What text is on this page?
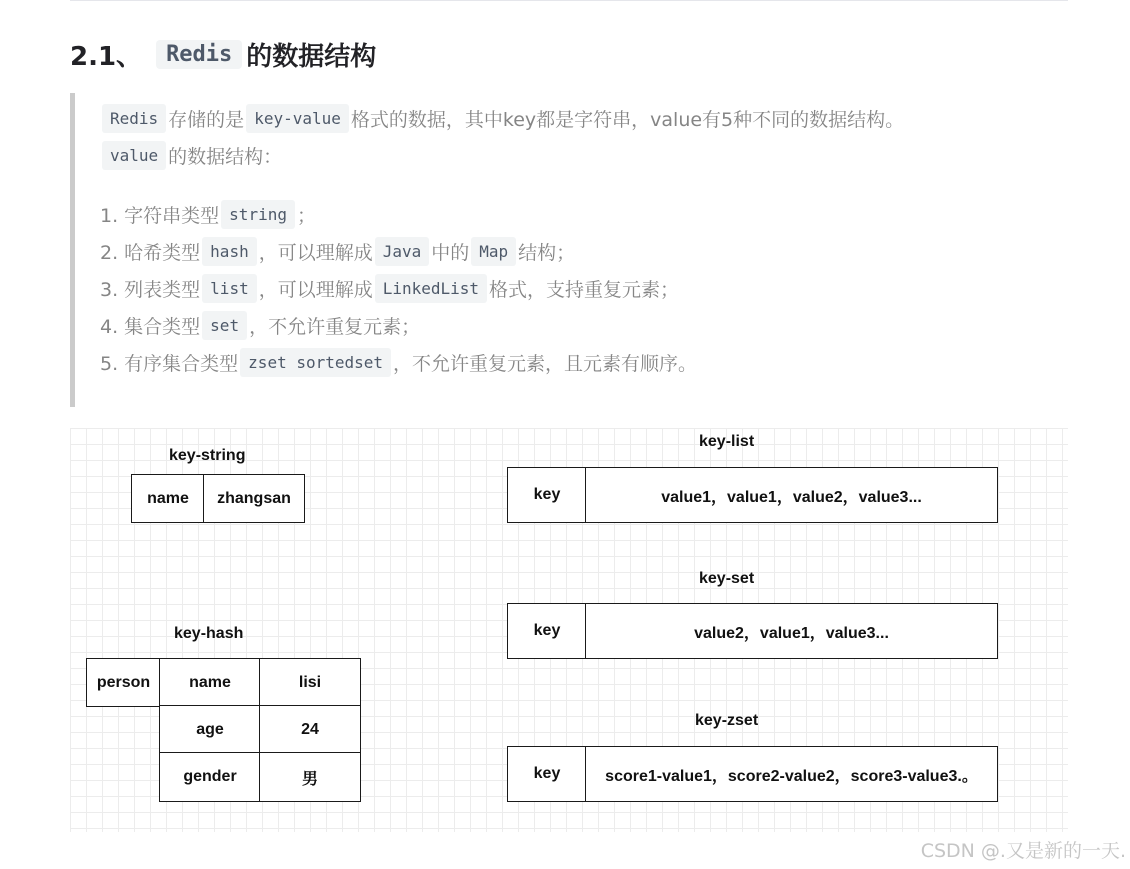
2.1、	Redis 的数据结构
Redis 存储的是 key-value 格式的数据，其中key都是字符串，value有5种不同的数据结构。
value 的数据结构：
1. 字符串类型 string ；
2. 哈希类型 hash ，可以理解成 Java 中的 Map 结构；
3. 列表类型 list ，可以理解成 LinkedList 格式，支持重复元素；
4. 集合类型 set ，不允许重复元素；
5. 有序集合类型 zset sortedset ，不允许重复元素，且元素有顺序。
key-string
name	zhangsan
key-hash
person	name	lisi
age	24
gender	男
key-list
key	value1，value1，value2，value3...
key-set
key	value2，value1，value3...
key-zset
key	score1-value1，score2-value2，score3-value3.。
CSDN @.又是新的一天.
